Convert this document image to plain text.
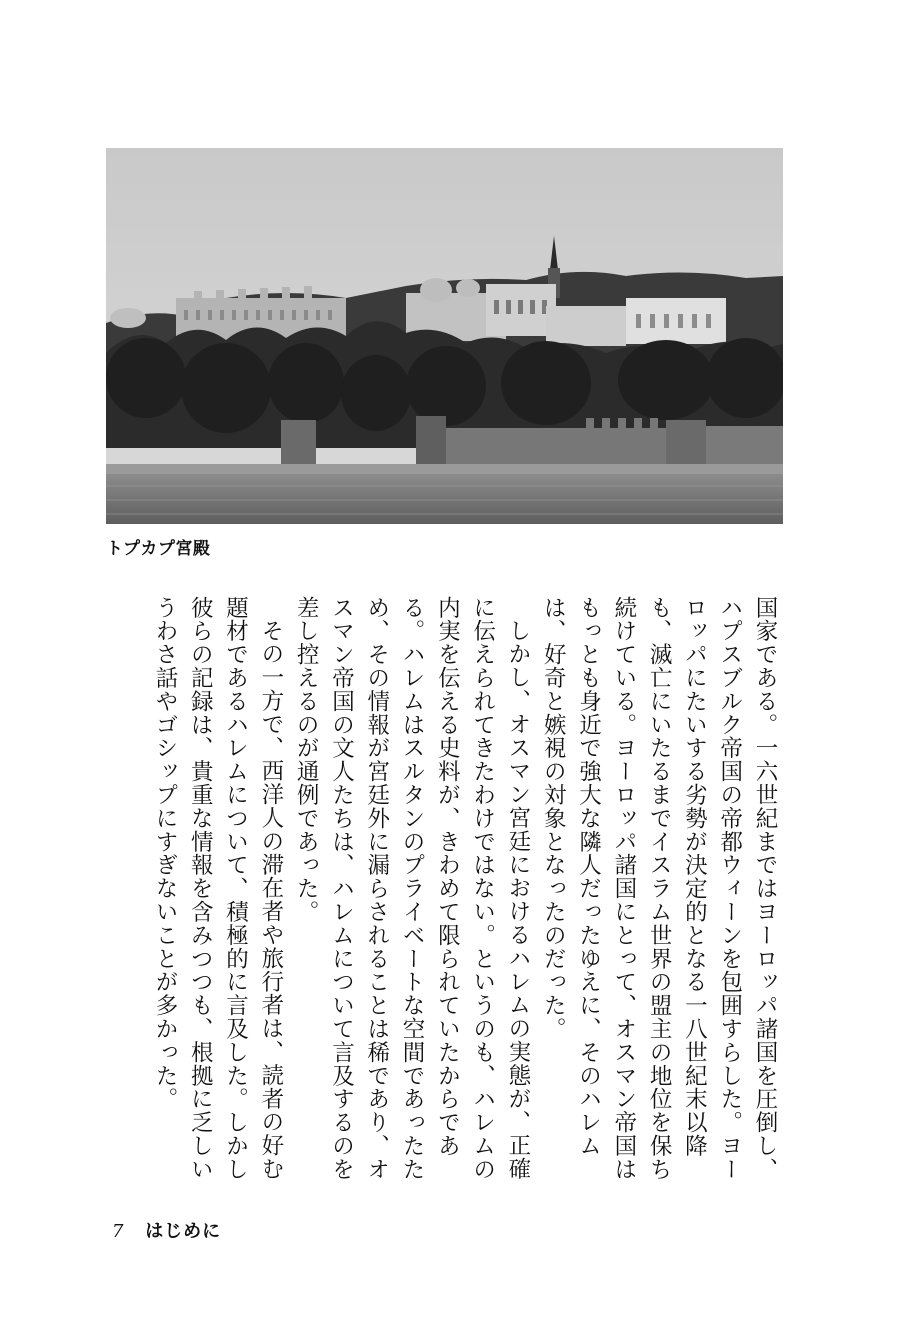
トプカプ宮殿

国家である。一六世紀まではヨーロッパ諸国を圧倒し、ハプスブルク帝国の帝都ウィーンを包囲すらした。ヨーロッパにたいする劣勢が決定的となる一八世紀末以降も、滅亡にいたるまでイスラム世界の盟主の地位を保ち続けている。ヨーロッパ諸国にとって、オスマン帝国はもっとも身近で強大な隣人だったゆえに、そのハレムは、好奇と嫉視の対象となったのだった。

しかし、オスマン宮廷におけるハレムの実態が、正確に伝えられてきたわけではない。というのも、ハレムの内実を伝える史料が、きわめて限られていたからである。ハレムはスルタンのプライベートな空間であったため、その情報が宮廷外に漏らされることは稀であり、オスマン帝国の文人たちは、ハレムについて言及するのを差し控えるのが通例であった。

その一方で、西洋人の滞在者や旅行者は、読者の好む題材であるハレムについて、積極的に言及した。しかし彼らの記録は、貴重な情報を含みつつも、根拠に乏しいうわさ話やゴシップにすぎないことが多かった。

7 はじめに
